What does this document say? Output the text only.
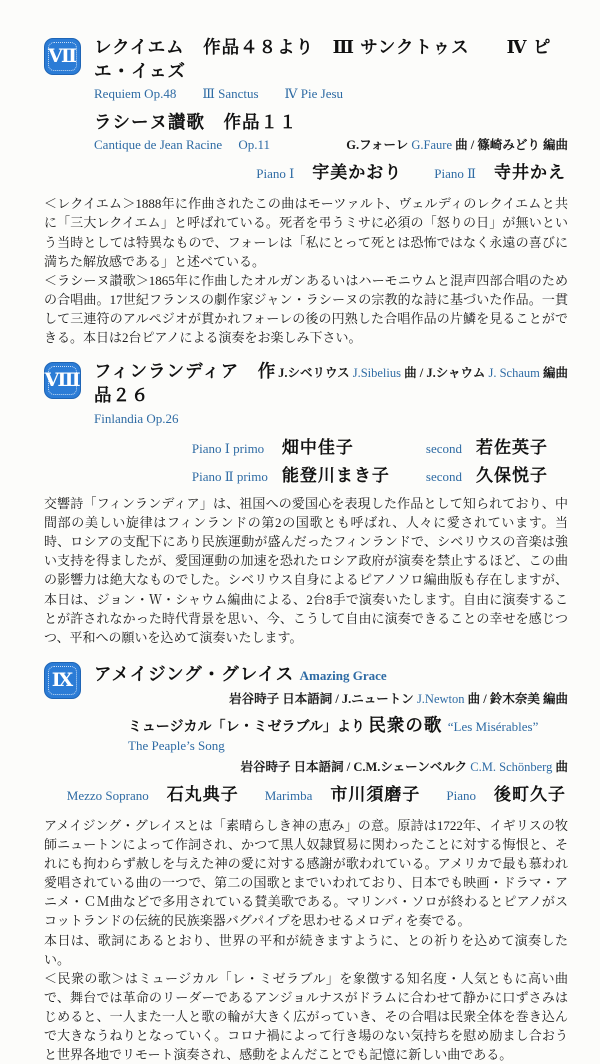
Ⅶ レクイエム　作品４８より　Ⅲ サンクトゥス　　Ⅳ ピエ・イェズ
Requiem Op.48　　Ⅲ Sanctus　　Ⅳ Pie Jesu
ラシーヌ讃歌　作品１１
Cantique de Jean Racine　 Op.11	G.フォーレ G.Faure 曲 / 篠崎みどり 編曲
Piano Ⅰ　宇美かおり　　 Piano Ⅱ　寺井かえ

＜レクイエム＞1888年に作曲されたこの曲はモーツァルト、ヴェルディのレクイエムと共に「三大レクイエム」と呼ばれている。死者を弔うミサに必須の「怒りの日」が無いという当時としては特異なもので、フォーレは「私にとって死とは恐怖ではなく永遠の喜びに満ちた解放感である」と述べている。

＜ラシーヌ讃歌＞1865年に作曲したオルガンあるいはハーモニウムと混声四部合唱のための合唱曲。17世紀フランスの劇作家ジャン・ラシーヌの宗教的な詩に基づいた作品。一貫して三連符のアルペジオが貫かれフォーレの後の円熟した合唱作品の片鱗を見ることができる。本日は2台ピアノによる演奏をお楽しみ下さい。

Ⅷ フィンランディア　作品２６
J.シベリウス J.Sibelius 曲 / J.シャウム J. Schaum 編曲
Finlandia Op.26
Piano Ⅰ primo 畑中佳子	second 若佐英子
Piano Ⅱ primo 能登川まき子	second 久保悦子

交響詩「フィンランディア」は、祖国への愛国心を表現した作品として知られており、中間部の美しい旋律はフィンランドの第2の国歌とも呼ばれ、人々に愛されています。当時、ロシアの支配下にあり民族運動が盛んだったフィンランドで、シベリウスの音楽は強い支持を得ましたが、愛国運動の加速を恐れたロシア政府が演奏を禁止するほど、この曲の影響力は絶大なものでした。シベリウス自身によるピアノソロ編曲版も存在しますが、本日は、ジョン・Ｗ・シャウム編曲による、2台8手で演奏いたします。自由に演奏することが許されなかった時代背景を思い、今、こうして自由に演奏できることの幸せを感じつつ、平和への願いを込めて演奏いたします。

Ⅸ	アメイジング・グレイス Amazing Grace
岩谷時子 日本語詞 / J.ニュートン J.Newton 曲 / 鈴木奈美 編曲
ミュージカル「レ・ミゼラブル」より 民衆の歌 “Les Misérables”　The Peaple’s Song
岩谷時子 日本語詞 / C.M.シェーンベルク C.M. Schönberg 曲
Mezzo Soprano　石丸典子　　Marimba　市川須磨子　　Piano　後町久子

アメイジング・グレイスとは「素晴らしき神の恵み」の意。原詩は1722年、イギリスの牧師ニュートンによって作詞され、かつて黒人奴隷貿易に関わったことに対する悔恨と、それにも拘わらず赦しを与えた神の愛に対する感謝が歌われている。アメリカで最も慕われ愛唱されている曲の一つで、第二の国歌とまでいわれており、日本でも映画・ドラマ・アニメ・ＣＭ曲などで多用されている賛美歌である。マリンバ・ソロが終わるとピアノがスコットランドの伝統的民族楽器バグパイプを思わせるメロディを奏でる。

本日は、歌詞にあるとおり、世界の平和が続きますように、との祈りを込めて演奏したい。

＜民衆の歌＞はミュージカル「レ・ミゼラブル」を象徴する知名度・人気ともに高い曲で、舞台では革命のリーダーであるアンジョルナスがドラムに合わせて静かに口ずさみはじめると、一人また一人と歌の輪が大きく広がっていき、その合唱は民衆全体を巻き込んで大きなうねりとなっていく。コロナ禍によって行き場のない気持ちを慰め励まし合おうと世界各地でリモート演奏され、感動をよんだことでも記憶に新しい曲である。
